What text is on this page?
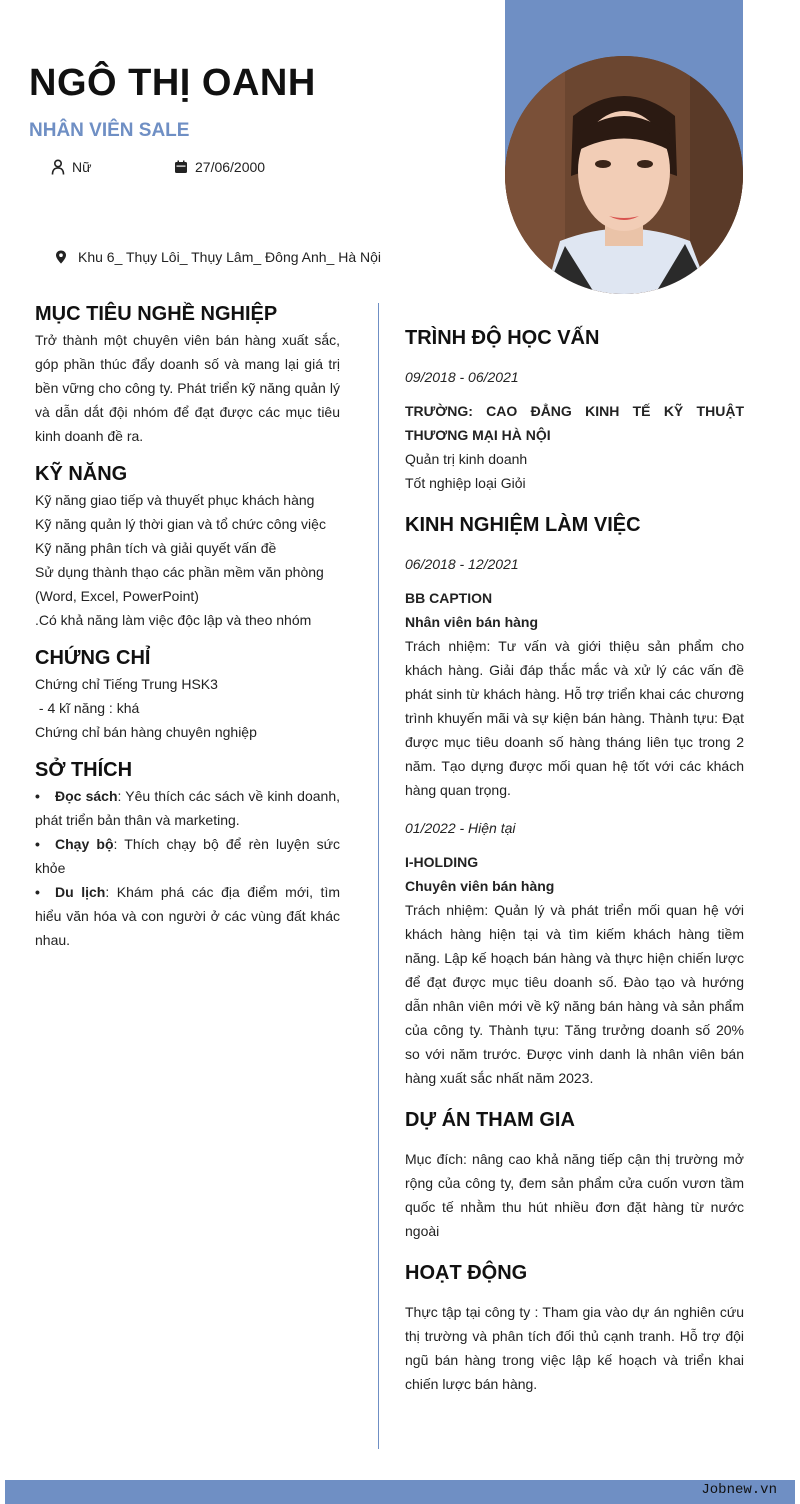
NGÔ THỊ OANH
NHÂN VIÊN SALE
Nữ	27/06/2000
Khu 6_ Thụy Lôi_ Thụy Lâm_ Đông Anh_ Hà Nội
MỤC TIÊU NGHỀ NGHIỆP
Trở thành một chuyên viên bán hàng xuất sắc, góp phần thúc đẩy doanh số và mang lại giá trị bền vững cho công ty. Phát triển kỹ năng quản lý và dẫn dắt đội nhóm để đạt được các mục tiêu kinh doanh đề ra.
KỸ NĂNG
Kỹ năng giao tiếp và thuyết phục khách hàng
Kỹ năng quản lý thời gian và tổ chức công việc
Kỹ năng phân tích và giải quyết vấn đề
Sử dụng thành thạo các phần mềm văn phòng
(Word, Excel, PowerPoint)
.Có khả năng làm việc độc lập và theo nhóm
CHỨNG CHỈ
Chứng chỉ Tiếng Trung HSK3
- 4 kĩ năng : khá
Chứng chỉ bán hàng chuyên nghiệp
SỞ THÍCH
• Đọc sách: Yêu thích các sách về kinh doanh, phát triển bản thân và marketing.
• Chạy bộ: Thích chạy bộ để rèn luyện sức khỏe
• Du lịch: Khám phá các địa điểm mới, tìm hiểu văn hóa và con người ở các vùng đất khác nhau.
TRÌNH ĐỘ HỌC VẤN
09/2018 - 06/2021
TRƯỜNG: CAO ĐẲNG KINH TẾ KỸ THUẬT THƯƠNG MẠI HÀ NỘI
Quản trị kinh doanh
Tốt nghiệp loại Giỏi
KINH NGHIỆM LÀM VIỆC
06/2018 - 12/2021
BB CAPTION
Nhân viên bán hàng
Trách nhiệm: Tư vấn và giới thiệu sản phẩm cho khách hàng. Giải đáp thắc mắc và xử lý các vấn đề phát sinh từ khách hàng. Hỗ trợ triển khai các chương trình khuyến mãi và sự kiện bán hàng. Thành tựu: Đạt được mục tiêu doanh số hàng tháng liên tục trong 2 năm. Tạo dựng được mối quan hệ tốt với các khách hàng quan trọng.
01/2022 - Hiện tại
I-HOLDING
Chuyên viên bán hàng
Trách nhiệm: Quản lý và phát triển mối quan hệ với khách hàng hiện tại và tìm kiếm khách hàng tiềm năng. Lập kế hoạch bán hàng và thực hiện chiến lược để đạt được mục tiêu doanh số. Đào tạo và hướng dẫn nhân viên mới về kỹ năng bán hàng và sản phẩm của công ty. Thành tựu: Tăng trưởng doanh số 20% so với năm trước. Được vinh danh là nhân viên bán hàng xuất sắc nhất năm 2023.
DỰ ÁN THAM GIA
Mục đích: nâng cao khả năng tiếp cận thị trường mở rộng của công ty, đem sản phẩm cửa cuốn vươn tầm quốc tế nhằm thu hút nhiều đơn đặt hàng từ nước ngoài
HOẠT ĐỘNG
Thực tập tại công ty : Tham gia vào dự án nghiên cứu thị trường và phân tích đối thủ cạnh tranh. Hỗ trợ đội ngũ bán hàng trong việc lập kế hoạch và triển khai chiến lược bán hàng.
Jobnew.vn
